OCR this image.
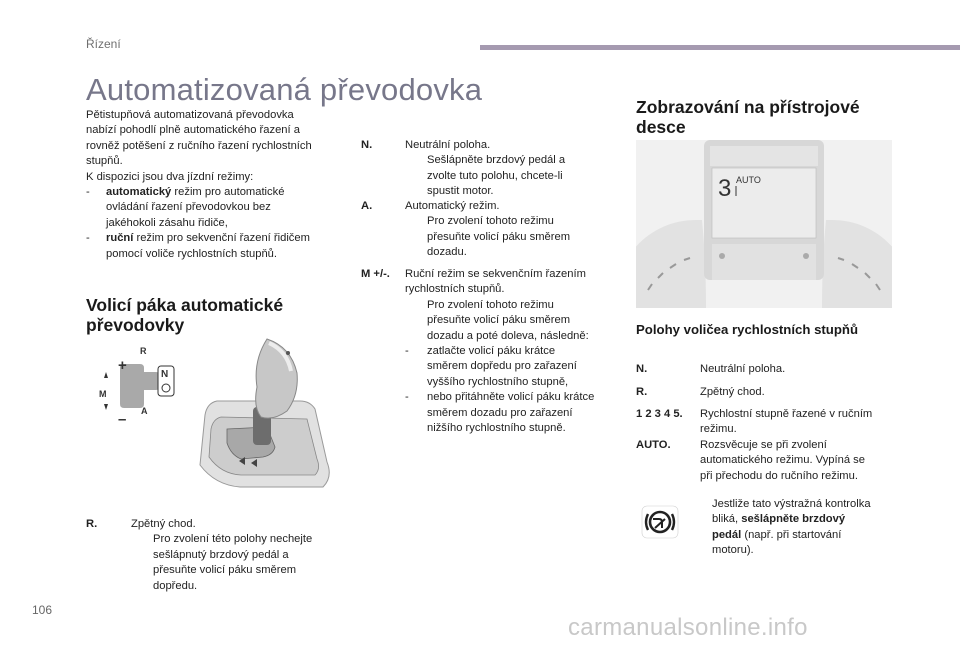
Řízení
Automatizovaná převodovka
Pětistupňová automatizovaná převodovka
nabízí pohodlí plně automatického řazení a
rovněž potěšení z ručního řazení rychlostních
stupňů.
K dispozici jsou dva jízdní režimy:
-	automatický režim pro automatické
ovládání řazení převodovkou bez
jakéhokoli zásahu řidiče,
-	ruční režim pro sekvenční řazení řidičem
pomocí voliče rychlostních stupňů.
Volicí páka automatické
převodovky
+
–
M
R
A
N
R.	Zpětný chod.
Pro zvolení této polohy nechejte
sešlápnutý brzdový pedál a
přesuňte volicí páku směrem
dopředu.
N.	Neutrální poloha.
Sešlápněte brzdový pedál a
zvolte tuto polohu, chcete-li
spustit motor.
A.	Automatický režim.
Pro zvolení tohoto režimu
přesuňte volicí páku směrem
dozadu.
M +/-. Ruční režim se sekvenčním řazením
rychlostních stupňů.
Pro zvolení tohoto režimu
přesuňte volicí páku směrem
dozadu a poté doleva, následně:
- zatlačte volicí páku krátce
směrem dopředu pro zařazení
vyššího rychlostního stupně,
- nebo přitáhněte volicí páku krátce
směrem dozadu pro zařazení
nižšího rychlostního stupně.
Zobrazování na přístrojové
desce
3 AUTO
Polohy voličea rychlostních stupňů
N.	Neutrální poloha.
R.	Zpětný chod.
1 2 3 4 5. Rychlostní stupně řazené v ručním
režimu.
AUTO.	Rozsvěcuje se při zvolení
automatického režimu. Vypíná se
při přechodu do ručního režimu.
Jestliže tato výstražná kontrolka
bliká, sešlápněte brzdový
pedál (např. při startování
motoru).
106
carmanualsonline.info
